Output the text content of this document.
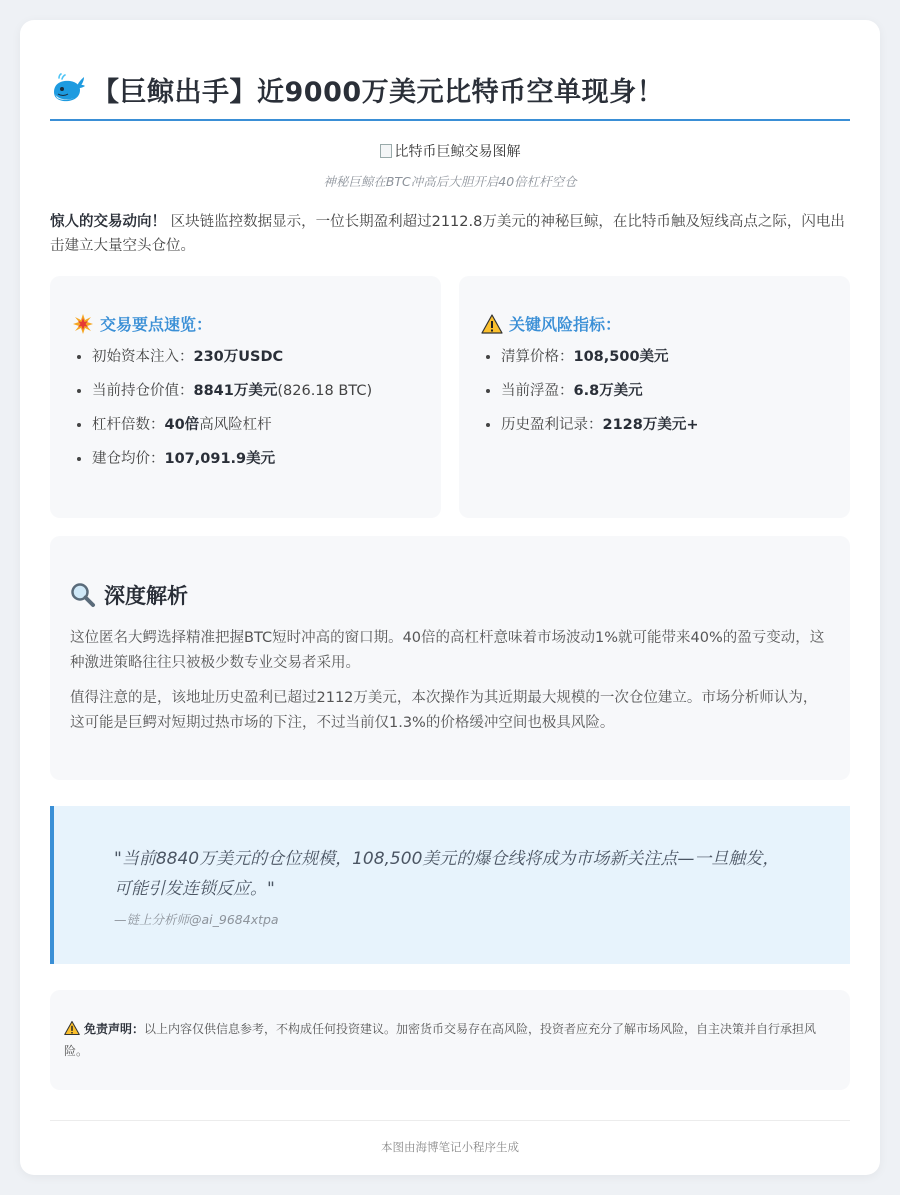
【巨鲸出手】近9000万美元比特币空单现身！
比特币巨鲸交易图解
神秘巨鲸在BTC冲高后大胆开启40倍杠杆空仓
惊人的交易动向！ 区块链监控数据显示，一位长期盈利超过2112.8万美元的神秘巨鲸，在比特币触及短线高点之际，闪电出击建立大量空头仓位。
交易要点速览：
• 初始资本注入：230万USDC
• 当前持仓价值：8841万美元(826.18 BTC)
• 杠杆倍数：40倍高风险杠杆
• 建仓均价：107,091.9美元
关键风险指标：
• 清算价格：108,500美元
• 当前浮盈：6.8万美元
• 历史盈利记录：2128万美元+
深度解析

这位匿名大鳄选择精准把握BTC短时冲高的窗口期。40倍的高杠杆意味着市场波动1%就可能带来40%的盈亏变动，这种激进策略往往只被极少数专业交易者采用。

值得注意的是，该地址历史盈利已超过2112万美元，本次操作为其近期最大规模的一次仓位建立。市场分析师认为，这可能是巨鳄对短期过热市场的下注，不过当前仅1.3%的价格缓冲空间也极具风险。

"当前8840万美元的仓位规模，108,500美元的爆仓线将成为市场新关注点—一旦触发，可能引发连锁反应。"
—链上分析师@ai_9684xtpa
免责声明：以上内容仅供信息参考，不构成任何投资建议。加密货币交易存在高风险，投资者应充分了解市场风险，自主决策并自行承担风险。
本图由海博笔记小程序生成
